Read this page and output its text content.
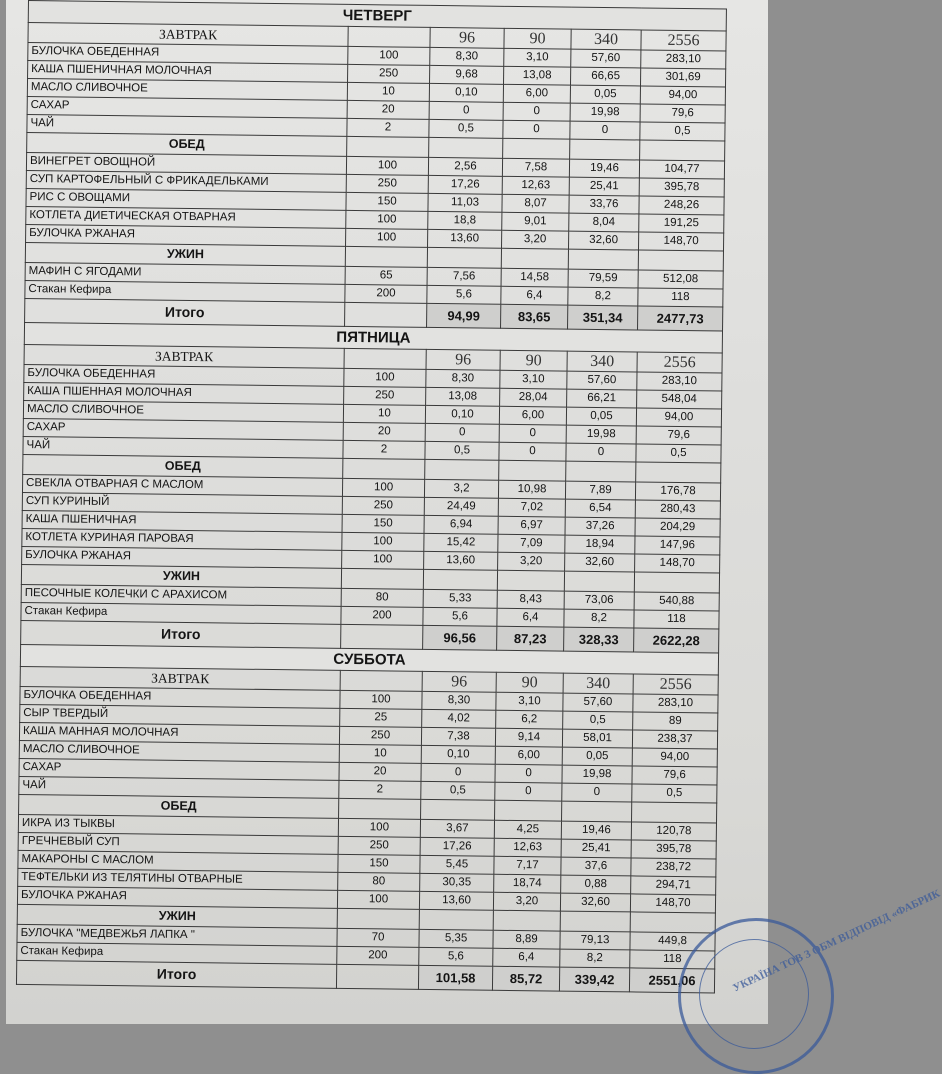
ЧЕТВЕРГ					
ЗАВТРАК		96	90	340	2556
БУЛОЧКА ОБЕДЕННАЯ	100	8,30	3,10	57,60	283,10
КАША ПШЕНИЧНАЯ МОЛОЧНАЯ	250	9,68	13,08	66,65	301,69
МАСЛО СЛИВОЧНОЕ	10	0,10	6,00	0,05	94,00
САХАР	20	0	0	19,98	79,6
ЧАЙ	2	0,5	0	0	0,5
ОБЕД					
ВИНЕГРЕТ ОВОЩНОЙ	100	2,56	7,58	19,46	104,77
СУП КАРТОФЕЛЬНЫЙ С ФРИКАДЕЛЬКАМИ	250	17,26	12,63	25,41	395,78
РИС С ОВОЩАМИ	150	11,03	8,07	33,76	248,26
КОТЛЕТА ДИЕТИЧЕСКАЯ ОТВАРНАЯ	100	18,8	9,01	8,04	191,25
БУЛОЧКА РЖАНАЯ	100	13,60	3,20	32,60	148,70
УЖИН					
МАФИН С ЯГОДАМИ	65	7,56	14,58	79,59	512,08
Стакан Кефира	200	5,6	6,4	8,2	118
Итого		94,99	83,65	351,34	2477,73
ПЯТНИЦА					
ЗАВТРАК		96	90	340	2556
БУЛОЧКА ОБЕДЕННАЯ	100	8,30	3,10	57,60	283,10
КАША ПШЕННАЯ МОЛОЧНАЯ	250	13,08	28,04	66,21	548,04
МАСЛО СЛИВОЧНОЕ	10	0,10	6,00	0,05	94,00
САХАР	20	0	0	19,98	79,6
ЧАЙ	2	0,5	0	0	0,5
ОБЕД					
СВЕКЛА ОТВАРНАЯ С МАСЛОМ	100	3,2	10,98	7,89	176,78
СУП КУРИНЫЙ	250	24,49	7,02	6,54	280,43
КАША ПШЕНИЧНАЯ	150	6,94	6,97	37,26	204,29
КОТЛЕТА КУРИНАЯ ПАРОВАЯ	100	15,42	7,09	18,94	147,96
БУЛОЧКА РЖАНАЯ	100	13,60	3,20	32,60	148,70
УЖИН					
ПЕСОЧНЫЕ КОЛЕЧКИ С АРАХИСОМ	80	5,33	8,43	73,06	540,88
Стакан Кефира	200	5,6	6,4	8,2	118
Итого		96,56	87,23	328,33	2622,28
СУББОТА					
ЗАВТРАК		96	90	340	2556
БУЛОЧКА ОБЕДЕННАЯ	100	8,30	3,10	57,60	283,10
СЫР ТВЕРДЫЙ	25	4,02	6,2	0,5	89
КАША МАННАЯ МОЛОЧНАЯ	250	7,38	9,14	58,01	238,37
МАСЛО СЛИВОЧНОЕ	10	0,10	6,00	0,05	94,00
САХАР	20	0	0	19,98	79,6
ЧАЙ	2	0,5	0	0	0,5
ОБЕД					
ИКРА ИЗ ТЫКВЫ	100	3,67	4,25	19,46	120,78
ГРЕЧНЕВЫЙ СУП	250	17,26	12,63	25,41	395,78
МАКАРОНЫ С МАСЛОМ	150	5,45	7,17	37,6	238,72
ТЕФТЕЛЬКИ ИЗ ТЕЛЯТИНЫ ОТВАРНЫЕ	80	30,35	18,74	0,88	294,71
БУЛОЧКА РЖАНАЯ	100	13,60	3,20	32,60	148,70
УЖИН					
БУЛОЧКА "МЕДВЕЖЬЯ ЛАПКА "	70	5,35	8,89	79,13	449,8
Стакан Кефира	200	5,6	6,4	8,2	118
Итого		101,58	85,72	339,42	2551,06	УКРАЇНА ТОВ З ОБМ ВІДПОВІД «ФАБРИК
